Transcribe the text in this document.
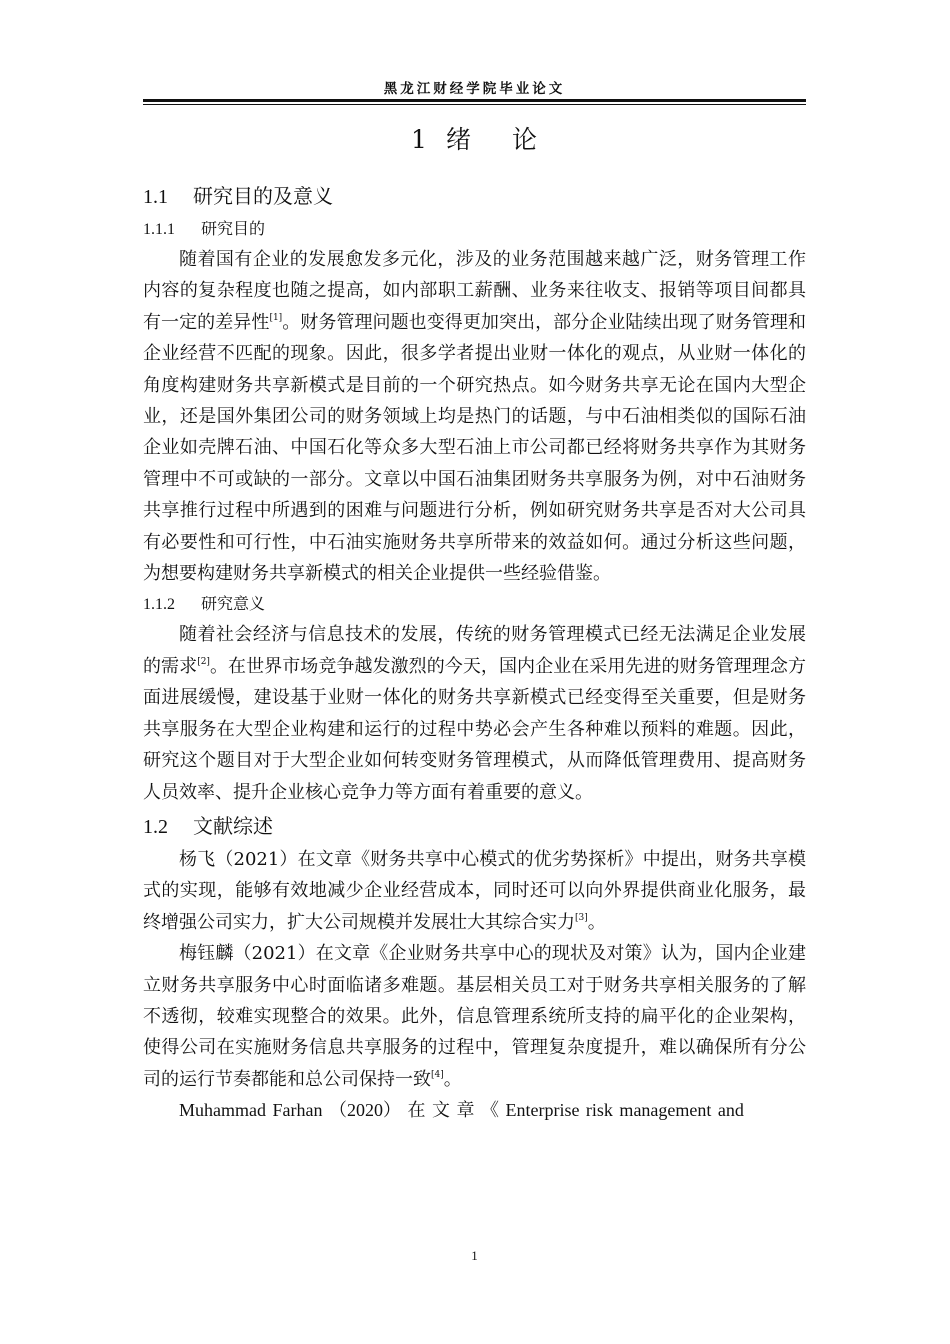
黑龙江财经学院毕业论文
1 绪 论
1.1 研究目的及意义
1.1.1 研究目的

随着国有企业的发展愈发多元化，涉及的业务范围越来越广泛，财务管理工作内容的复杂程度也随之提高，如内部职工薪酬、业务来往收支、报销等项目间都具有一定的差异性[1]。财务管理问题也变得更加突出，部分企业陆续出现了财务管理和企业经营不匹配的现象。因此，很多学者提出业财一体化的观点，从业财一体化的角度构建财务共享新模式是目前的一个研究热点。如今财务共享无论在国内大型企业，还是国外集团公司的财务领域上均是热门的话题，与中石油相类似的国际石油企业如壳牌石油、中国石化等众多大型石油上市公司都已经将财务共享作为其财务管理中不可或缺的一部分。文章以中国石油集团财务共享服务为例，对中石油财务共享推行过程中所遇到的困难与问题进行分析，例如研究财务共享是否对大公司具有必要性和可行性，中石油实施财务共享所带来的效益如何。通过分析这些问题，为想要构建财务共享新模式的相关企业提供一些经验借鉴。

1.1.2 研究意义

随着社会经济与信息技术的发展，传统的财务管理模式已经无法满足企业发展的需求[2]。在世界市场竞争越发激烈的今天，国内企业在采用先进的财务管理理念方面进展缓慢，建设基于业财一体化的财务共享新模式已经变得至关重要，但是财务共享服务在大型企业构建和运行的过程中势必会产生各种难以预料的难题。因此，研究这个题目对于大型企业如何转变财务管理模式，从而降低管理费用、提高财务人员效率、提升企业核心竞争力等方面有着重要的意义。

1.2 文献综述

杨飞（2021）在文章《财务共享中心模式的优劣势探析》中提出，财务共享模式的实现，能够有效地减少企业经营成本，同时还可以向外界提供商业化服务，最终增强公司实力，扩大公司规模并发展壮大其综合实力[3]。

梅钰麟（2021）在文章《企业财务共享中心的现状及对策》认为，国内企业建立财务共享服务中心时面临诸多难题。基层相关员工对于财务共享相关服务的了解不透彻，较难实现整合的效果。此外，信息管理系统所支持的扁平化的企业架构，使得公司在实施财务信息共享服务的过程中，管理复杂度提升，难以确保所有分公司的运行节奏都能和总公司保持一致[4]。

Muhammad Farhan （2020） 在 文 章 《 Enterprise risk management and

1
